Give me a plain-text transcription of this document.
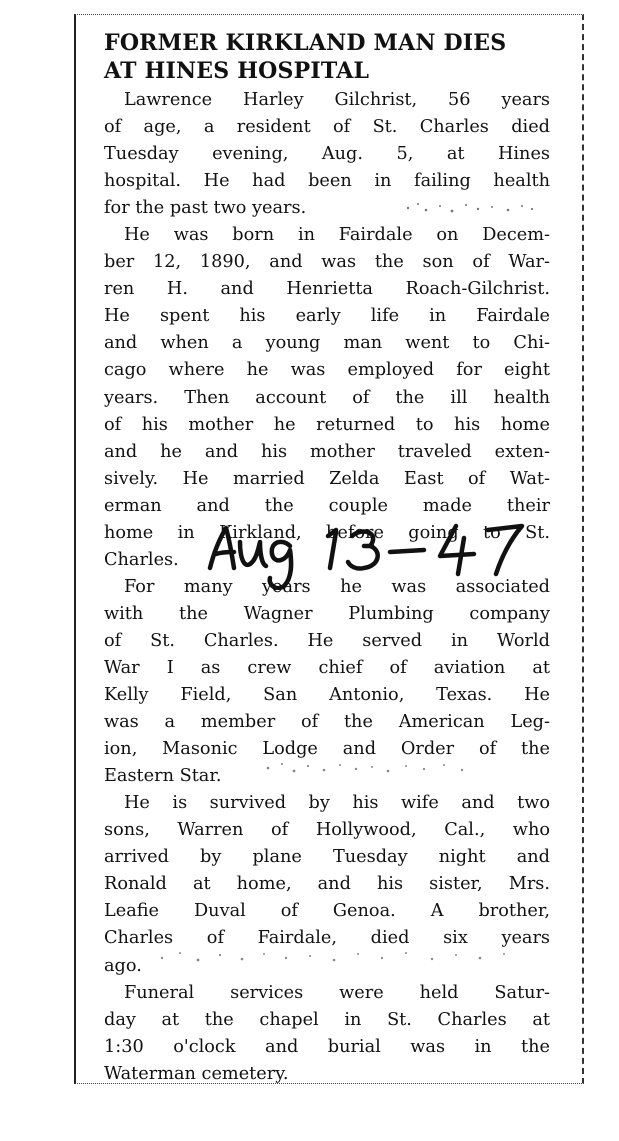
FORMER KIRKLAND MAN DIES
AT HINES HOSPITAL

Lawrence Harley Gilchrist, 56 years
of age, a resident of St. Charles died
Tuesday evening, Aug. 5, at Hines
hospital. He had been in failing health
for the past two years.

He was born in Fairdale on Decem-
ber 12, 1890, and was the son of War-
ren H. and Henrietta Roach-Gilchrist.
He spent his early life in Fairdale
and when a young man went to Chi-
cago where he was employed for eight
years. Then account of the ill health
of his mother he returned to his home
and he and his mother traveled exten-
sively. He married Zelda East of Wat-
erman and the couple made their
home in Kirkland, before going to St.
Charles.

For many years he was associated
with the Wagner Plumbing company
of St. Charles. He served in World
War I as crew chief of aviation at
Kelly Field, San Antonio, Texas. He
was a member of the American Leg-
ion, Masonic Lodge and Order of the
Eastern Star.

He is survived by his wife and two
sons, Warren of Hollywood, Cal., who
arrived by plane Tuesday night and
Ronald at home, and his sister, Mrs.
Leafie Duval of Genoa. A brother,
Charles of Fairdale, died six years
ago.

Funeral services were held Satur-
day at the chapel in St. Charles at
1:30 o'clock and burial was in the
Waterman cemetery.
